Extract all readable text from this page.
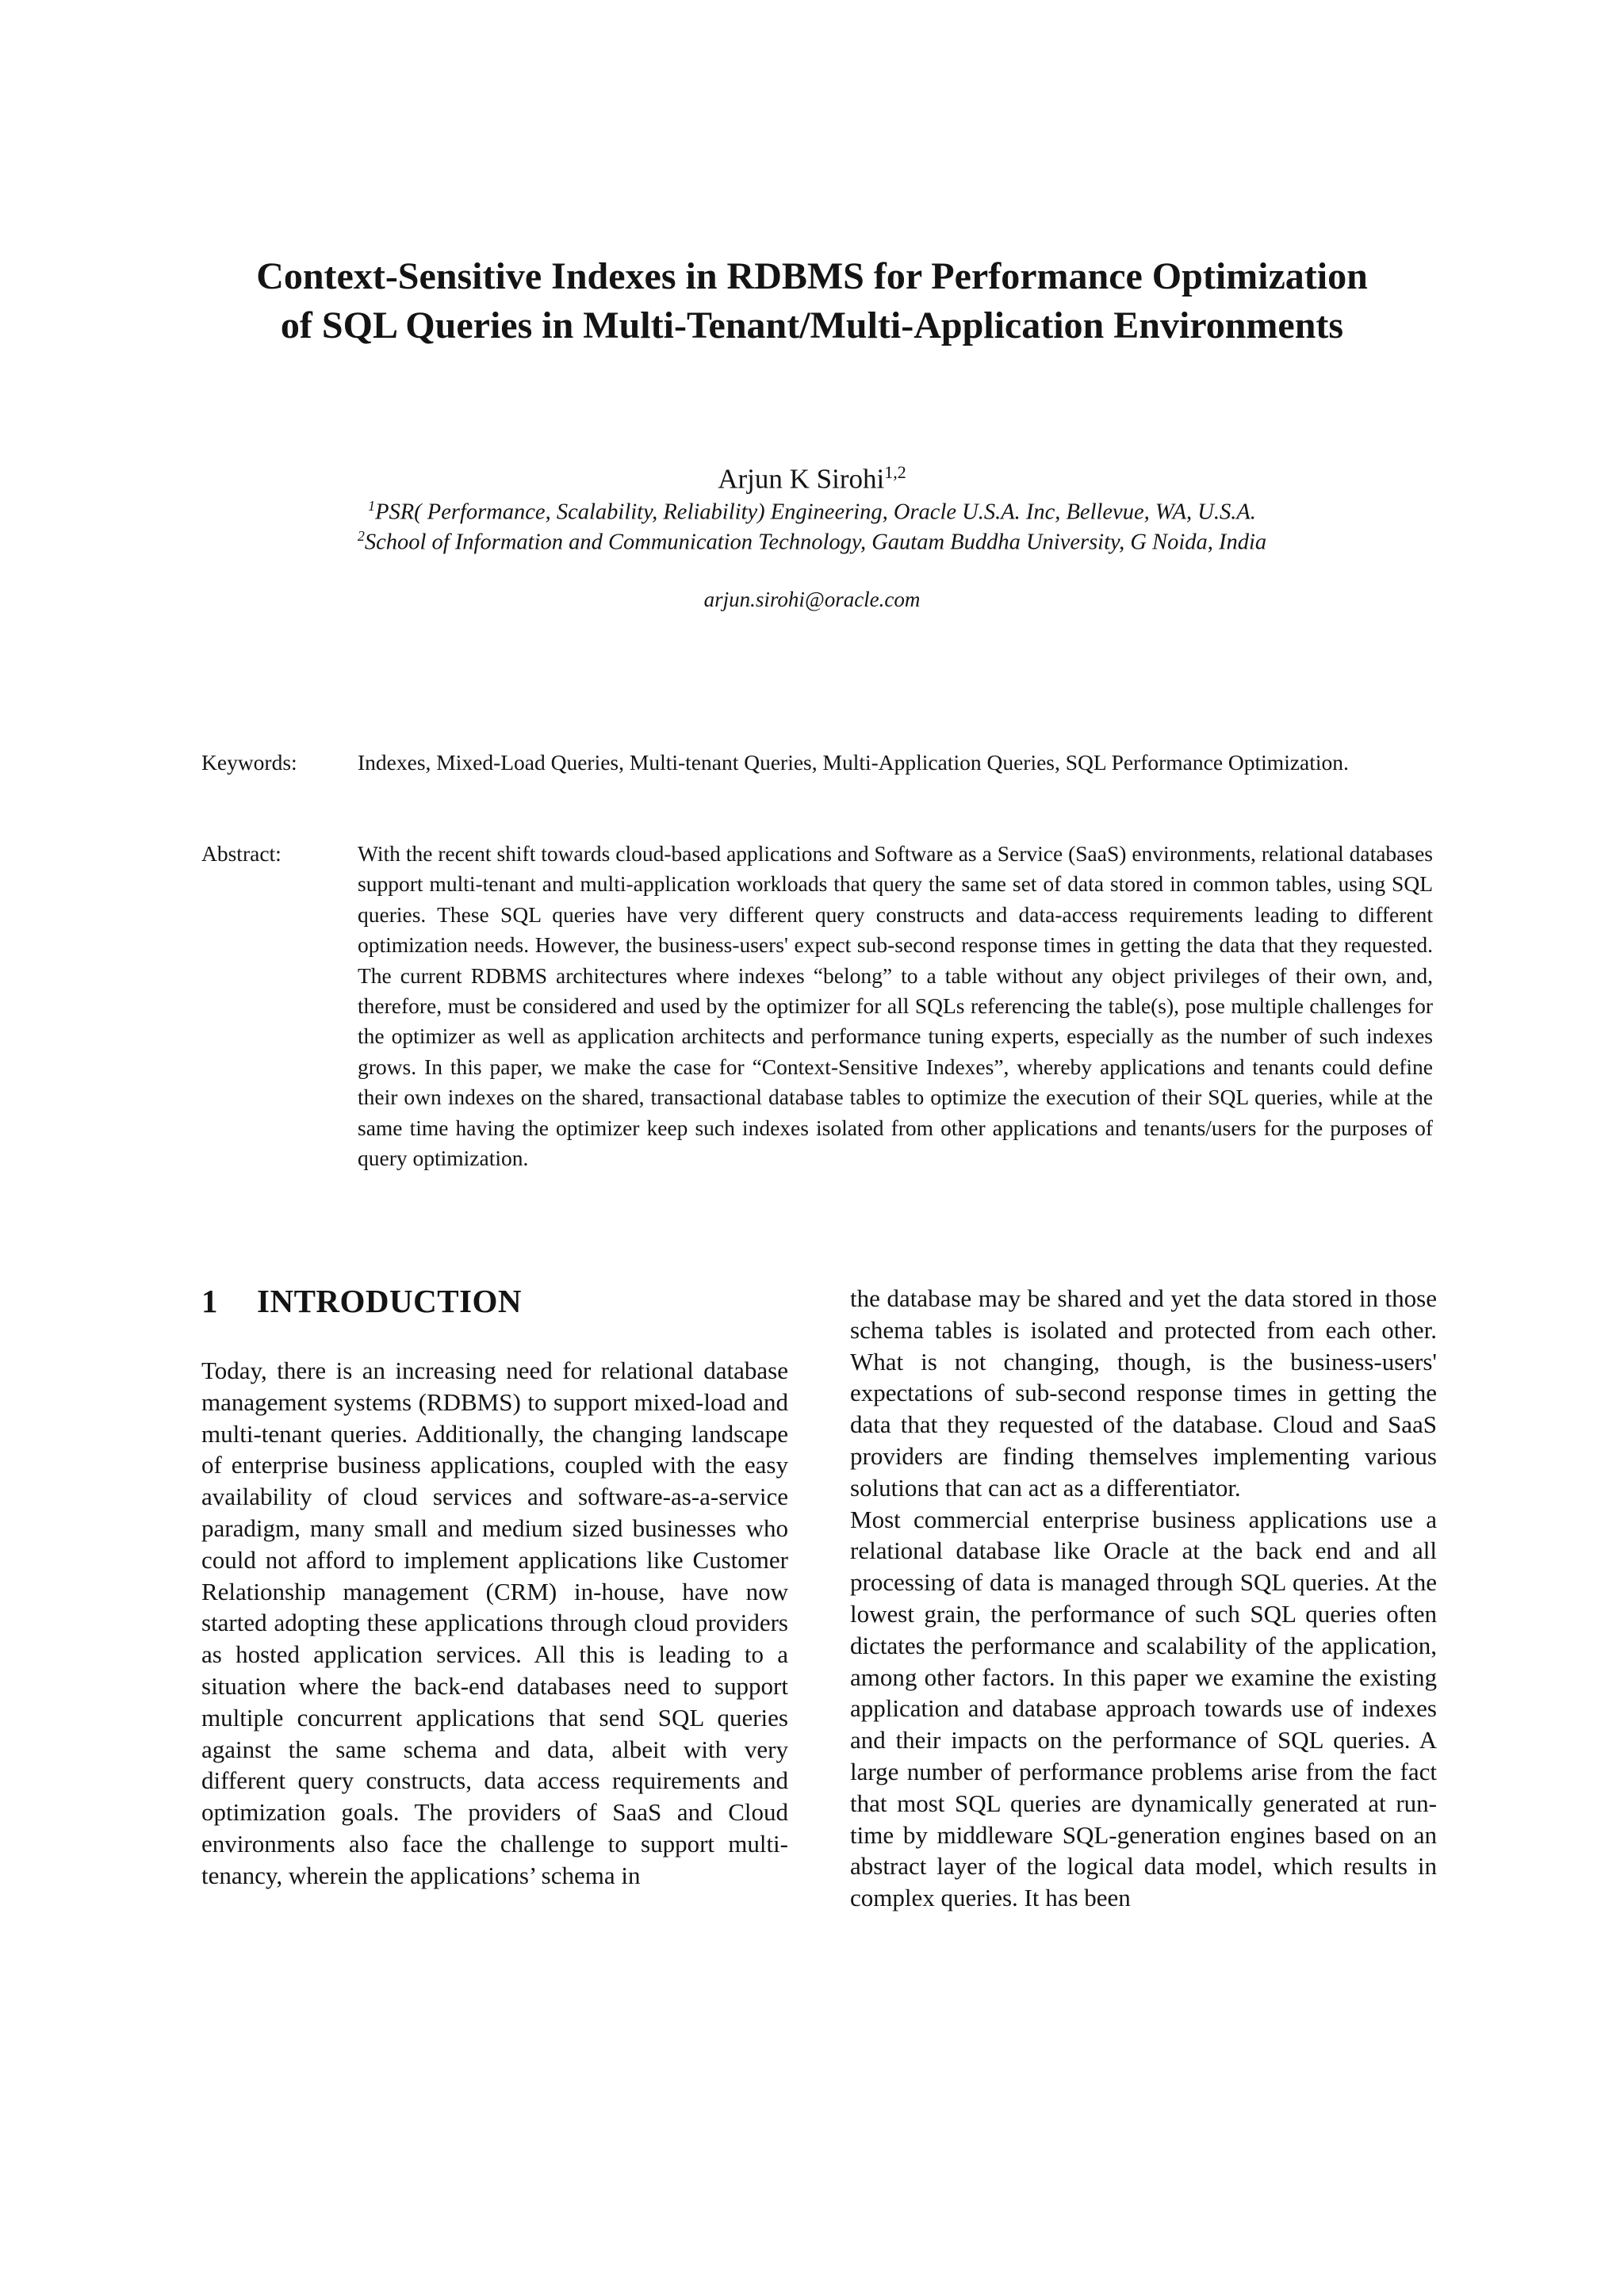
Context-Sensitive Indexes in RDBMS for Performance Optimization
of SQL Queries in Multi-Tenant/Multi-Application Environments
Arjun K Sirohi$^{1,2}$
$^1$PSR( Performance, Scalability, Reliability) Engineering, Oracle U.S.A. Inc, Bellevue, WA, U.S.A.
$^2$School of Information and Communication Technology, Gautam Buddha University, G Noida, India
arjun.sirohi@oracle.com
Keywords:	Indexes, Mixed-Load Queries, Multi-tenant Queries, Multi-Application Queries, SQL Performance Optimization.
Abstract:	With the recent shift towards cloud-based applications and Software as a Service (SaaS) environments, relational databases support multi-tenant and multi-application workloads that query the same set of data stored in common tables, using SQL queries. These SQL queries have very different query constructs and data-access requirements leading to different optimization needs. However, the business-users' expect sub-second response times in getting the data that they requested. The current RDBMS architectures where indexes “belong” to a table without any object privileges of their own, and, therefore, must be considered and used by the optimizer for all SQLs referencing the table(s), pose multiple challenges for the optimizer as well as application architects and performance tuning experts, especially as the number of such indexes grows. In this paper, we make the case for “Context-Sensitive Indexes”, whereby applications and tenants could define their own indexes on the shared, transactional database tables to optimize the execution of their SQL queries, while at the same time having the optimizer keep such indexes isolated from other applications and tenants/users for the purposes of query optimization.
1 INTRODUCTION

Today, there is an increasing need for relational database management systems (RDBMS) to support mixed-load and multi-tenant queries. Additionally, the changing landscape of enterprise business applications, coupled with the easy availability of cloud services and software-as-a-service paradigm, many small and medium sized businesses who could not afford to implement applications like Customer Relationship management (CRM) in-house, have now started adopting these applications through cloud providers as hosted application services. All this is leading to a situation where the back-end databases need to support multiple concurrent applications that send SQL queries against the same schema and data, albeit with very different query constructs, data access requirements and optimization goals. The providers of SaaS and Cloud environments also face the challenge to support multi-tenancy, wherein the applications’ schema in

the database may be shared and yet the data stored in those schema tables is isolated and protected from each other. What is not changing, though, is the business-users' expectations of sub-second response times in getting the data that they requested of the database. Cloud and SaaS providers are finding themselves implementing various solutions that can act as a differentiator.

Most commercial enterprise business applications use a relational database like Oracle at the back end and all processing of data is managed through SQL queries. At the lowest grain, the performance of such SQL queries often dictates the performance and scalability of the application, among other factors. In this paper we examine the existing application and database approach towards use of indexes and their impacts on the performance of SQL queries. A large number of performance problems arise from the fact that most SQL queries are dynamically generated at run-time by middleware SQL-generation engines based on an abstract layer of the logical data model, which results in complex queries. It has been
